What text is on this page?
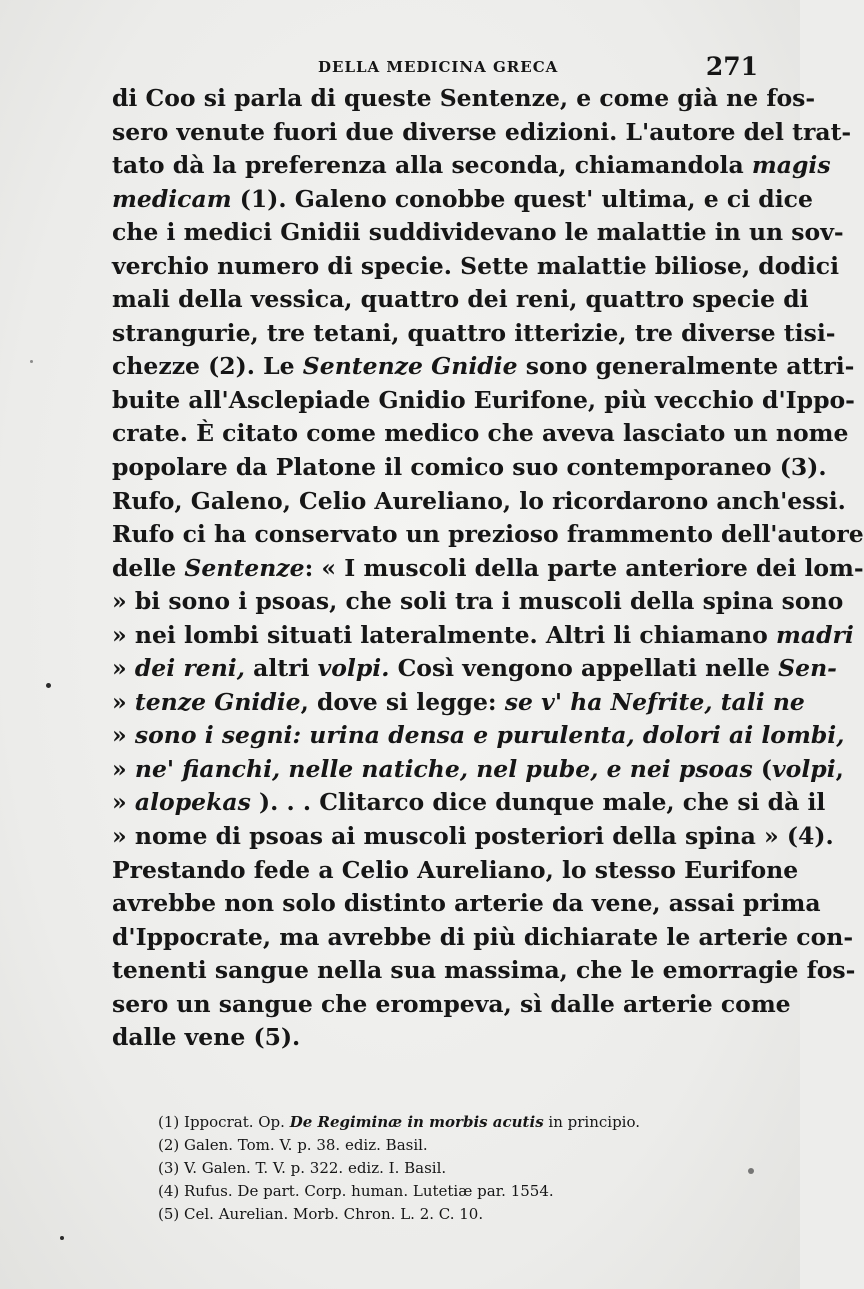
DELLA MEDICINA GRECA	271
di Coo si parla di queste Sentenze, e come già ne fos-
sero venute fuori due diverse edizioni. L'autore del trat-
tato dà la preferenza alla seconda, chiamandola magis
medicam (1). Galeno conobbe quest' ultima, e ci dice
che i medici Gnidii suddividevano le malattie in un sov-
verchio numero di specie. Sette malattie biliose, dodici
mali della vessica, quattro dei reni, quattro specie di
strangurie, tre tetani, quattro itterizie, tre diverse tisi-
chezze (2). Le Sentenze Gnidie sono generalmente attri-
buite all'Asclepiade Gnidio Eurifone, più vecchio d'Ippo-
crate. È citato come medico che aveva lasciato un nome
popolare da Platone il comico suo contemporaneo (3).
Rufo, Galeno, Celio Aureliano, lo ricordarono anch'essi.
Rufo ci ha conservato un prezioso frammento dell'autore
delle Sentenze: « I muscoli della parte anteriore dei lom-
» bi sono i psoas, che soli tra i muscoli della spina sono
» nei lombi situati lateralmente. Altri li chiamano madri
» dei reni, altri volpi. Così vengono appellati nelle Sen-
» tenze Gnidie, dove si legge: se v' ha Nefrite, tali ne
» sono i segni: urina densa e purulenta, dolori ai lombi,
» ne' fianchi, nelle natiche, nel pube, e nei psoas (volpi,
» alopekas ). . . Clitarco dice dunque male, che si dà il
» nome di psoas ai muscoli posteriori della spina » (4).
Prestando fede a Celio Aureliano, lo stesso Eurifone
avrebbe non solo distinto arterie da vene, assai prima
d'Ippocrate, ma avrebbe di più dichiarate le arterie con-
tenenti sangue nella sua massima, che le emorragie fos-
sero un sangue che erompeva, sì dalle arterie come
dalle vene (5).
(1) Ippocrat. Op. De Regiminæ in morbis acutis in principio.
(2) Galen. Tom. V. p. 38. ediz. Basil.
(3) V. Galen. T. V. p. 322. ediz. I. Basil.
(4) Rufus. De part. Corp. human. Lutetiæ par. 1554.
(5) Cel. Aurelian. Morb. Chron. L. 2. C. 10.
